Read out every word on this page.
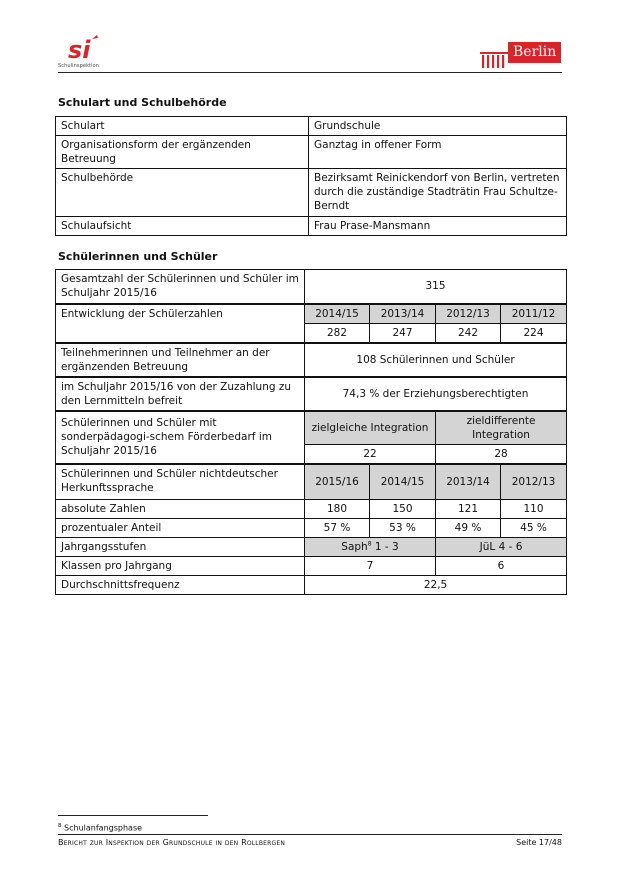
si
Schulinspektion
Berlin
Schulart und Schulbehörde
Schulart	Grundschule
Organisationsform der ergänzenden Betreuung	Ganztag in offener Form
Schulbehörde	Bezirksamt Reinickendorf von Berlin, vertreten durch die zuständige Stadträtin Frau Schultze-Berndt
Schulaufsicht	Frau Prase-Mansmann
Schülerinnen und Schüler
Gesamtzahl der Schülerinnen und Schüler im Schuljahr 2015/16	315			
Entwicklung der Schülerzahlen	2014/15	2013/14	2012/13	2011/12
	282	247	242	224
Teilnehmerinnen und Teilnehmer an der ergänzenden Betreuung	108 Schülerinnen und Schüler			
im Schuljahr 2015/16 von der Zuzahlung zu den Lernmitteln befreit	74,3 % der Erziehungsberechtigten			
Schülerinnen und Schüler mit sonderpädagogi-schem Förderbedarf im Schuljahr 2015/16	zielgleiche Integration		zieldifferente Integration	
	22		28	
Schülerinnen und Schüler nichtdeutscher Herkunftssprache	2015/16	2014/15	2013/14	2012/13
absolute Zahlen	180	150	121	110
prozentualer Anteil	57 %	53 %	49 %	45 %
Jahrgangsstufen	Saph$^8$ 1 - 3		JüL 4 - 6	
Klassen pro Jahrgang	7		6	
Durchschnittsfrequenz	22,5			
$^8$ Schulanfangsphase
Bericht zur Inspektion der Grundschule in den Rollbergen	Seite 17/48
